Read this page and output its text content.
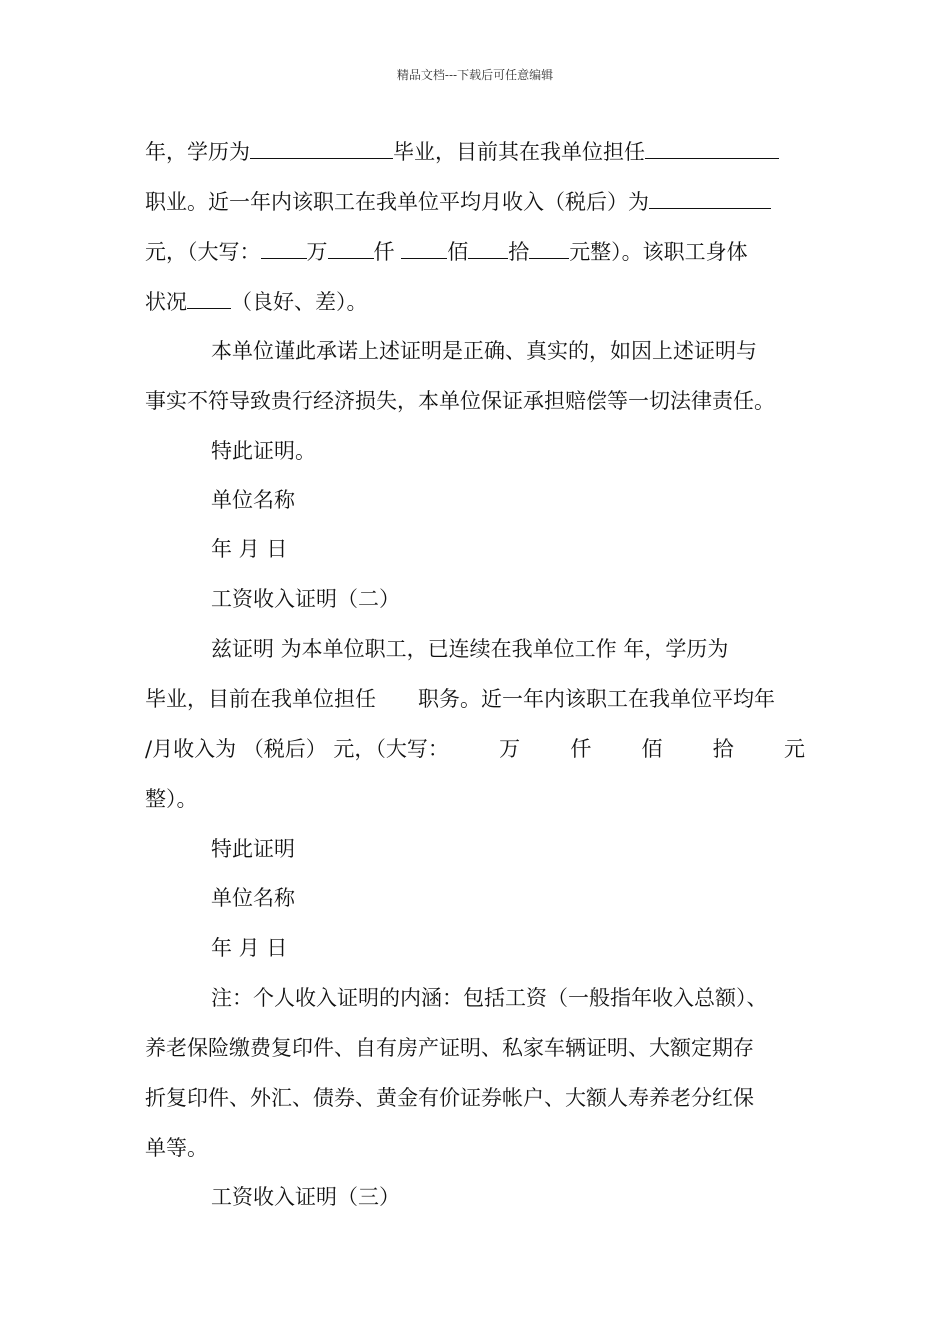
精品文档---下载后可任意编辑
年，学历为	毕业，目前其在我单位担任
职业。近一年内该职工在我单位平均月收入（税后）为
元，（大写： 万 仟	佰 拾 元整）。该职工身体
状况 （良好、差）。
本单位谨此承诺上述证明是正确、真实的，如因上述证明与
事实不符导致贵行经济损失，本单位保证承担赔偿等一切法律责任。
特此证明。
单位名称
年 月 日
工资收入证明（二）
兹证明 为本单位职工，已连续在我单位工作 年，学历为
毕业，目前在我单位担任　　职务。近一年内该职工在我单位平均年
/月收入为 （税后） 元，（大写： 万 仟 佰 拾 元
整）。
特此证明
单位名称
年 月 日
注：个人收入证明的内涵：包括工资（一般指年收入总额）、
养老保险缴费复印件、自有房产证明、私家车辆证明、大额定期存
折复印件、外汇、债券、黄金有价证券帐户、大额人寿养老分红保
单等。
工资收入证明（三）
